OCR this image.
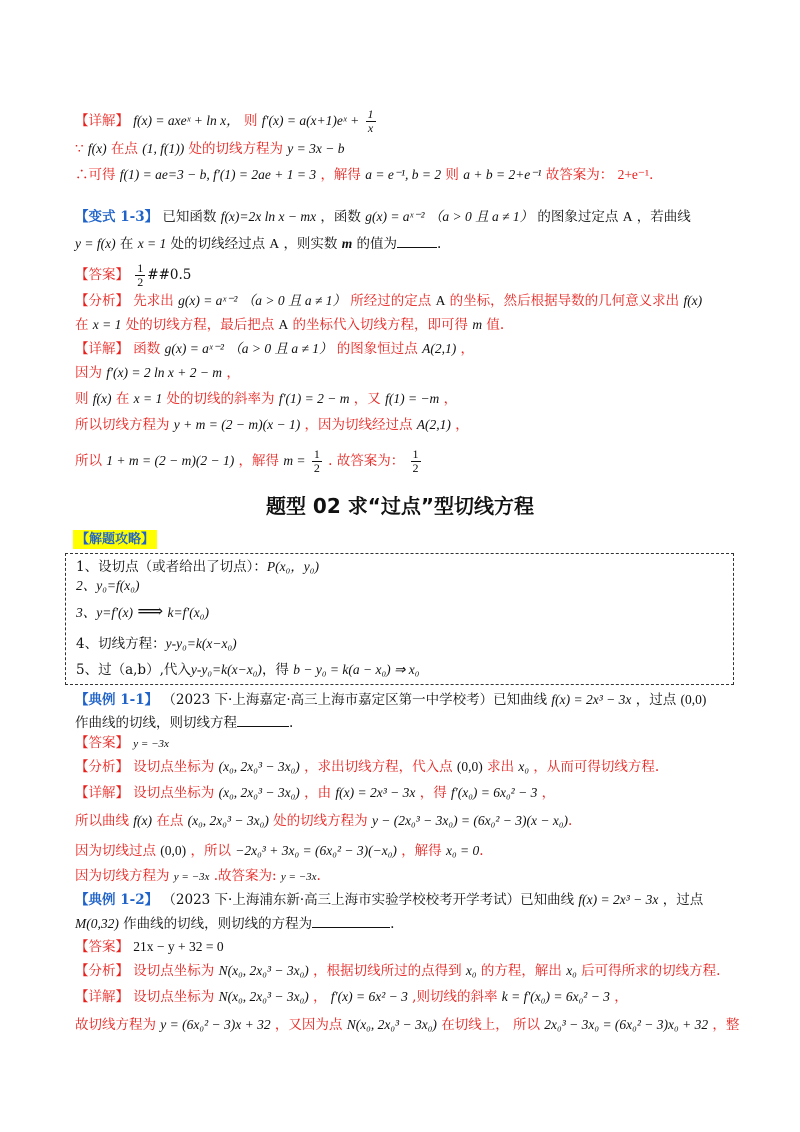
【详解】 f(x) = axeˣ + ln x， 则 f′(x) = a(x+1)eˣ + $\frac{1}{x}$
∵ f(x) 在点 (1, f(1)) 处的切线方程为 y = 3x − b
∴可得 f(1) = ae=3 − b, f′(1) = 2ae + 1 = 3 ，解得 a = e⁻¹, b = 2 则 a + b = 2+e⁻¹ 故答案为： 2+e⁻¹．
【变式 1-3】 已知函数 f(x)=2x ln x − mx ，函数 g(x) = aˣ⁻² （a > 0 且 a ≠ 1） 的图象过定点 A ，若曲线
y = f(x) 在 x = 1 处的切线经过点 A ，则实数 m 的值为	.
【答案】 $\frac{1}{2}$ ##0.5
【分析】 先求出 g(x) = aˣ⁻² （a > 0 且 a ≠ 1） 所经过的定点 A 的坐标，然后根据导数的几何意义求出 f(x)
在 x = 1 处的切线方程，最后把点 A 的坐标代入切线方程，即可得 m 值.
【详解】 函数 g(x) = aˣ⁻² （a > 0 且 a ≠ 1） 的图象恒过点 A(2,1) ，
因为 f′(x) = 2 ln x + 2 − m ，
则 f(x) 在 x = 1 处的切线的斜率为 f′(1) = 2 − m ，又 f(1) = −m ，
所以切线方程为 y + m = (2 − m)(x − 1) ，因为切线经过点 A(2,1) ，
所以 1 + m = (2 − m)(2 − 1) ，解得 $m = \frac{1}{2}$ . 故答案为： $\frac{1}{2}$
题型 02 求“过点”型切线方程
【解题攻略】
1、设切点（或者给出了切点）：P(x₀，y₀)
2、y₀=f(x₀)
3、y=f′(x) ⟹ k=f′(x₀)
4、切线方程：y-y₀=k(x−x₀)
5、过（a,b）,代入y-y₀=k(x−x₀)，得 b − y₀ = k(a − x₀) ⇒ x₀
【典例 1-1】 （2023 下·上海嘉定·高三上海市嘉定区第一中学校考）已知曲线 f(x) = 2x³ − 3x ，过点 (0,0)
作曲线的切线，则切线方程	.
【答案】 y = −3x
【分析】 设切点坐标为 (x₀, 2x₀³ − 3x₀) ，求出切线方程，代入点 (0,0) 求出 x₀ ，从而可得切线方程.
【详解】 设切点坐标为 (x₀, 2x₀³ − 3x₀) ，由 f(x) = 2x³ − 3x ，得 f′(x₀) = 6x₀² − 3 ，
所以曲线 f(x) 在点 (x₀, 2x₀³ − 3x₀) 处的切线方程为 y − (2x₀³ − 3x₀) = (6x₀² − 3)(x − x₀).
因为切线过点 (0,0) ，所以 −2x₀³ + 3x₀ = (6x₀² − 3)(−x₀) ，解得 x₀ = 0.
因为切线方程为 y = −3x .故答案为: y = −3x.
【典例 1-2】 （2023 下·上海浦东新·高三上海市实验学校校考开学考试）已知曲线 f(x) = 2x³ − 3x ，过点
M(0,32) 作曲线的切线，则切线的方程为	.
【答案】 21x − y + 32 = 0
【分析】 设切点坐标为 N(x₀, 2x₀³ − 3x₀) ，根据切线所过的点得到 x₀ 的方程，解出 x₀ 后可得所求的切线方程.
【详解】 设切点坐标为 N(x₀, 2x₀³ − 3x₀) ， f′(x) = 6x² − 3 ,则切线的斜率 k = f′(x₀) = 6x₀² − 3 ，
故切线方程为 y = (6x₀² − 3)x + 32 ，又因为点 N(x₀, 2x₀³ − 3x₀) 在切线上， 所以 2x₀³ − 3x₀ = (6x₀² − 3)x₀ + 32 ，整
